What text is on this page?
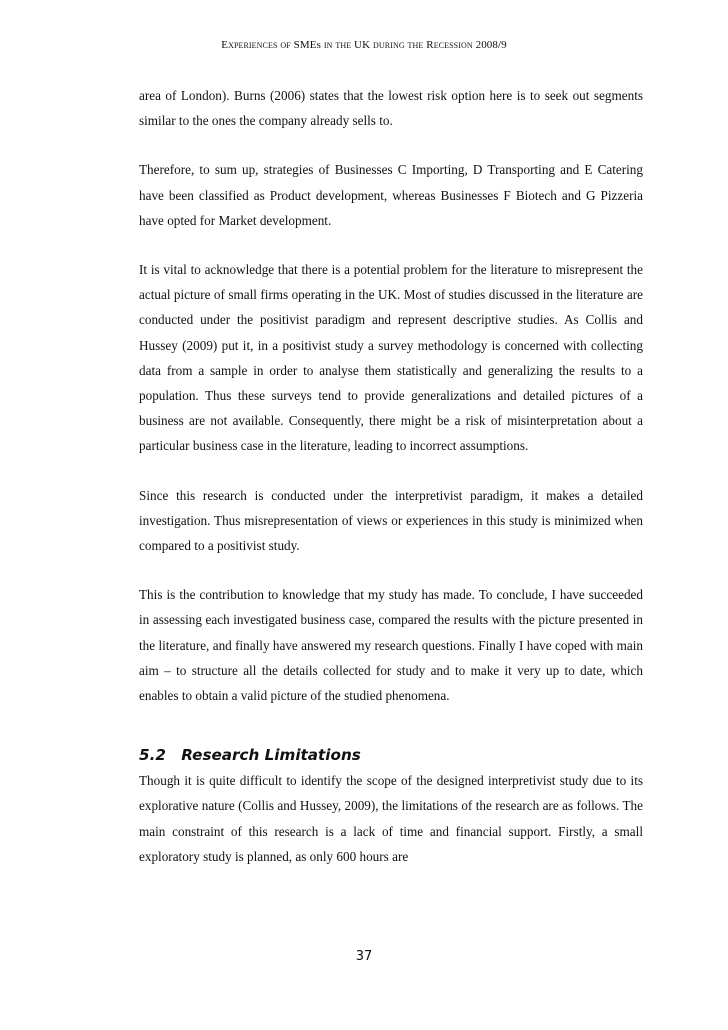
Experiences of SMEs in the UK during the Recession 2008/9

area of London). Burns (2006) states that the lowest risk option here is to seek out segments similar to the ones the company already sells to.

Therefore, to sum up, strategies of Businesses C Importing, D Transporting and E Catering have been classified as Product development, whereas Businesses F Biotech and G Pizzeria have opted for Market development.

It is vital to acknowledge that there is a potential problem for the literature to misrepresent the actual picture of small firms operating in the UK. Most of studies discussed in the literature are conducted under the positivist paradigm and represent descriptive studies. As Collis and Hussey (2009) put it, in a positivist study a survey methodology is concerned with collecting data from a sample in order to analyse them statistically and generalizing the results to a population. Thus these surveys tend to provide generalizations and detailed pictures of a business are not available. Consequently, there might be a risk of misinterpretation about a particular business case in the literature, leading to incorrect assumptions.

Since this research is conducted under the interpretivist paradigm, it makes a detailed investigation. Thus misrepresentation of views or experiences in this study is minimized when compared to a positivist study.

This is the contribution to knowledge that my study has made. To conclude, I have succeeded in assessing each investigated business case, compared the results with the picture presented in the literature, and finally have answered my research questions. Finally I have coped with main aim – to structure all the details collected for study and to make it very up to date, which enables to obtain a valid picture of the studied phenomena.

5.2 Research Limitations

Though it is quite difficult to identify the scope of the designed interpretivist study due to its explorative nature (Collis and Hussey, 2009), the limitations of the research are as follows. The main constraint of this research is a lack of time and financial support. Firstly, a small exploratory study is planned, as only 600 hours are

37
